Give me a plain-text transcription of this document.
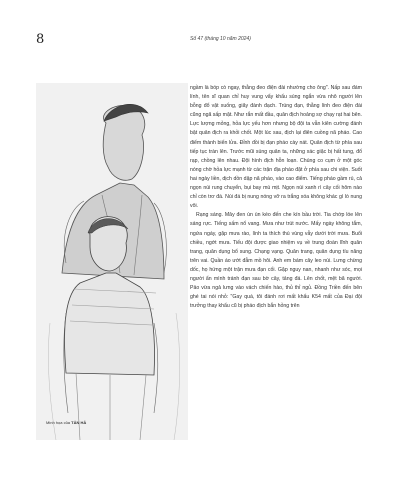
8	Số 47 (tháng 10 năm 2024)
Minh họa của TÂN HẢ

ngầm là bóp cò ngay, thằng đeo điện đài nhường cho ông". Nấp sau đám lính, tên sĩ quan chỉ huy vung vẩy khẩu súng ngắn vừa nhô người lên bỗng đổ vật xuống, giãy đành đạch. Trúng đạn, thằng lính đeo điện đài cũng ngã sấp mặt. Như rắn mất đầu, quân địch hoảng sợ chạy rạt hai bên. Lực lượng mỏng, hỏa lực yếu hơn nhưng bộ đội ta vẫn kiên cường đánh bật quân địch ra khỏi chốt. Một lúc sau, địch lại điên cuồng nã pháo. Cao điểm thành biển lửa. Đỉnh đồi bị đạn pháo cày nát. Quân địch từ phía sau tiếp tục tràn lên. Trước mũi súng quân ta, những xác giặc bị hất tung, đổ rạp, chồng lên nhau. Đội hình địch hỗn loạn. Chúng co cụm ở một góc nóng chờ hỏa lực mạnh từ các trận địa pháo đặt ở phía sau chi viện. Suốt hai ngày liền, dịch dồn dập nã pháo, vào cao điểm. Tiếng pháo gầm rú, cả ngọn núi rung chuyển, bụi bay mù mịt. Ngọn núi xanh rì cây cối hôm nào chỉ còn trơ đá. Núi đá bị nung nóng vỡ ra trắng xóa không khác gì lò nung vôi.

Rạng sáng. Mây đen ùn ùn kéo đến che kín bầu trời. Tia chớp lóe lên sáng rực. Tiếng sấm nổ vang. Mưa như trút nước. Mấy ngày không tắm, ngứa ngáy, gặp mưa rào, lính ta thích thú vùng vẫy dưới trời mưa. Buổi chiều, ngớt mưa. Tiểu đội được giao nhiệm vụ về trung đoàn lĩnh quân trang, quân dụng bổ sung. Chạng vạng. Quân trang, quân dụng tíu năng trên vai. Quần áo ướt đẫm mồ hôi. Anh em bám cây leo núi. Lưng chừng dốc, họ hứng một trận mưa đạn cối. Gặp nguy nan, nhanh như sóc, mọi người ẩn mình tránh đạn sau bờ cây, tảng đá. Lên chốt, mệt bã người. Pảo vừa ngả lưng vào vách chiến hào, thủ thỉ ngủ. Đồng Triền đến bên ghé tai nói nhỏ: "Gay quá, tôi đánh rơi mất khẩu K54 mất của Đại đội trưởng thay khẩu cũ bị pháo địch bắn hỏng trên
